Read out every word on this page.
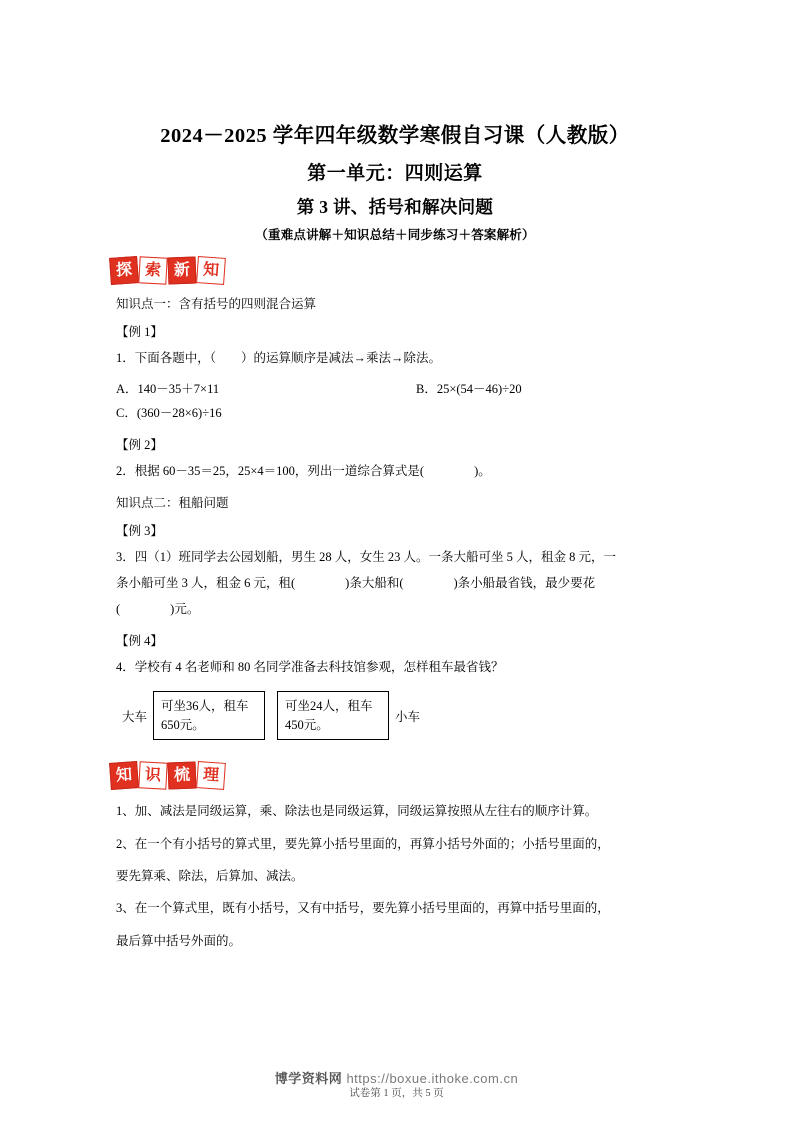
2024－2025 学年四年级数学寒假自习课（人教版）
第一单元：四则运算
第 3 讲、括号和解决问题
（重难点讲解＋知识总结＋同步练习＋答案解析）
探 索 新 知
知识点一：含有括号的四则混合运算
【例 1】
1．下面各题中，（　　）的运算顺序是减法→乘法→除法。
A．140－35＋7×11	B．25×(54－46)÷20
C．(360－28×6)÷16
【例 2】
2．根据 60－35＝25，25×4＝100，列出一道综合算式是(　　　　)。
知识点二：租船问题
【例 3】

3．四（1）班同学去公园划船，男生 28 人，女生 23 人。一条大船可坐 5 人，租金 8 元，一

条小船可坐 3 人，租金 6 元，租(　　　　)条大船和(　　　　)条小船最省钱，最少要花

(　　　　)元。

【例 4】
4．学校有 4 名老师和 80 名同学准备去科技馆参观，怎样租车最省钱？
大车
可坐36人，租车650元。
可坐24人，租车450元。
小车
知 识 梳 理

1、加、减法是同级运算，乘、除法也是同级运算，同级运算按照从左往右的顺序计算。

2、在一个有小括号的算式里，要先算小括号里面的，再算小括号外面的；小括号里面的，

要先算乘、除法，后算加、减法。

3、在一个算式里，既有小括号，又有中括号，要先算小括号里面的，再算中括号里面的，

最后算中括号外面的。

博学资料网 https://boxue.ithoke.com.cn
试卷第 1 页，共 5 页
